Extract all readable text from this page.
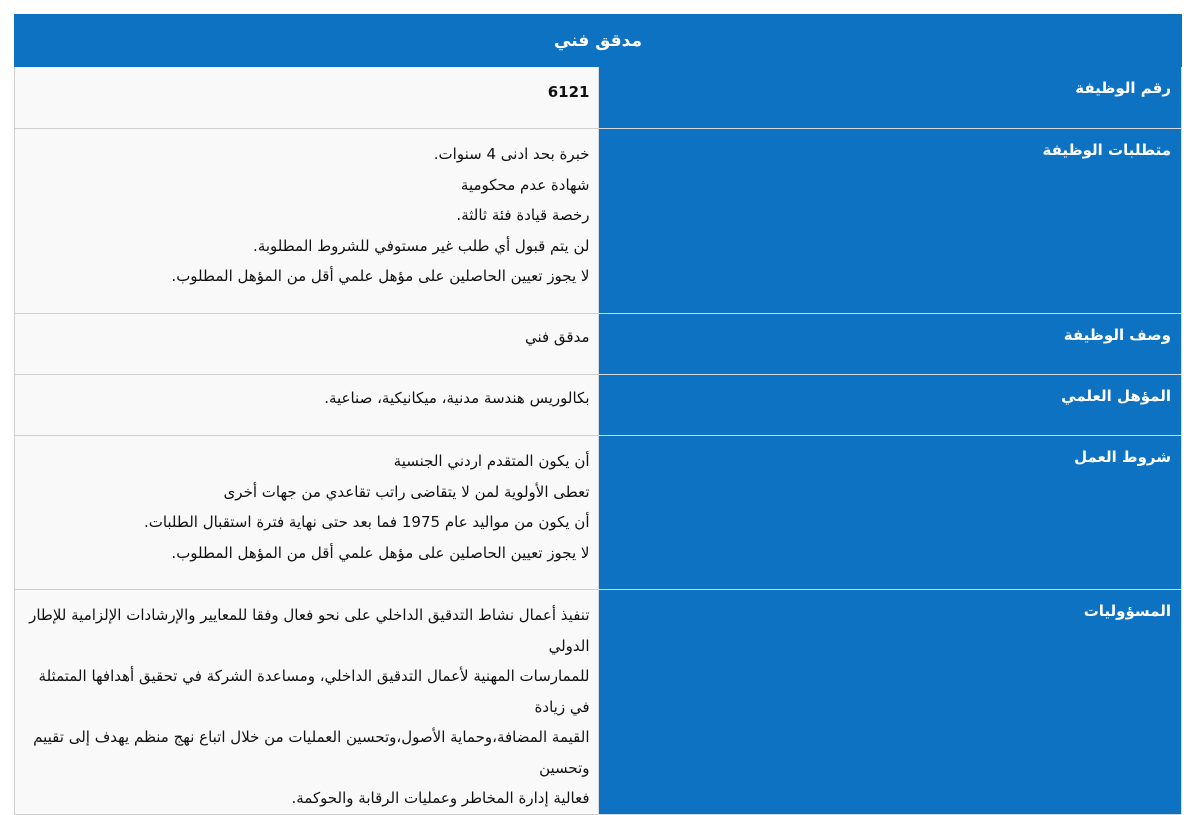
مدقق فني	
رقم الوظيفة	6121
متطلبات الوظيفة	خبرة بحد ادنى 4 سنوات.
شهادة عدم محكومية
رخصة قيادة فئة ثالثة.
لن يتم قبول أي طلب غير مستوفي للشروط المطلوبة.
لا يجوز تعيين الحاصلين على مؤهل علمي أقل من المؤهل المطلوب.

وصف الوظيفة	مدقق فني
المؤهل العلمي	بكالوريس هندسة مدنية، ميكانيكية، صناعية.
شروط العمل	أن يكون المتقدم اردني الجنسية
تعطى الأولوية لمن لا يتقاضى راتب تقاعدي من جهات أخرى
أن يكون من مواليد عام 1975 فما بعد حتى نهاية فترة استقبال الطلبات.
لا يجوز تعيين الحاصلين على مؤهل علمي أقل من المؤهل المطلوب.

المسؤوليات	تنفيذ أعمال نشاط التدقيق الداخلي على نحو فعال وفقا للمعايير والإرشادات الإلزامية للإطار الدولي
للممارسات المهنية لأعمال التدقيق الداخلي، ومساعدة الشركة في تحقيق أهدافها المتمثلة في زيادة
القيمة المضافة،وحماية الأصول،وتحسين العمليات من خلال اتباع نهج منظم يهدف إلى تقييم وتحسين
فعالية إدارة المخاطر وعمليات الرقابة والحوكمة.
